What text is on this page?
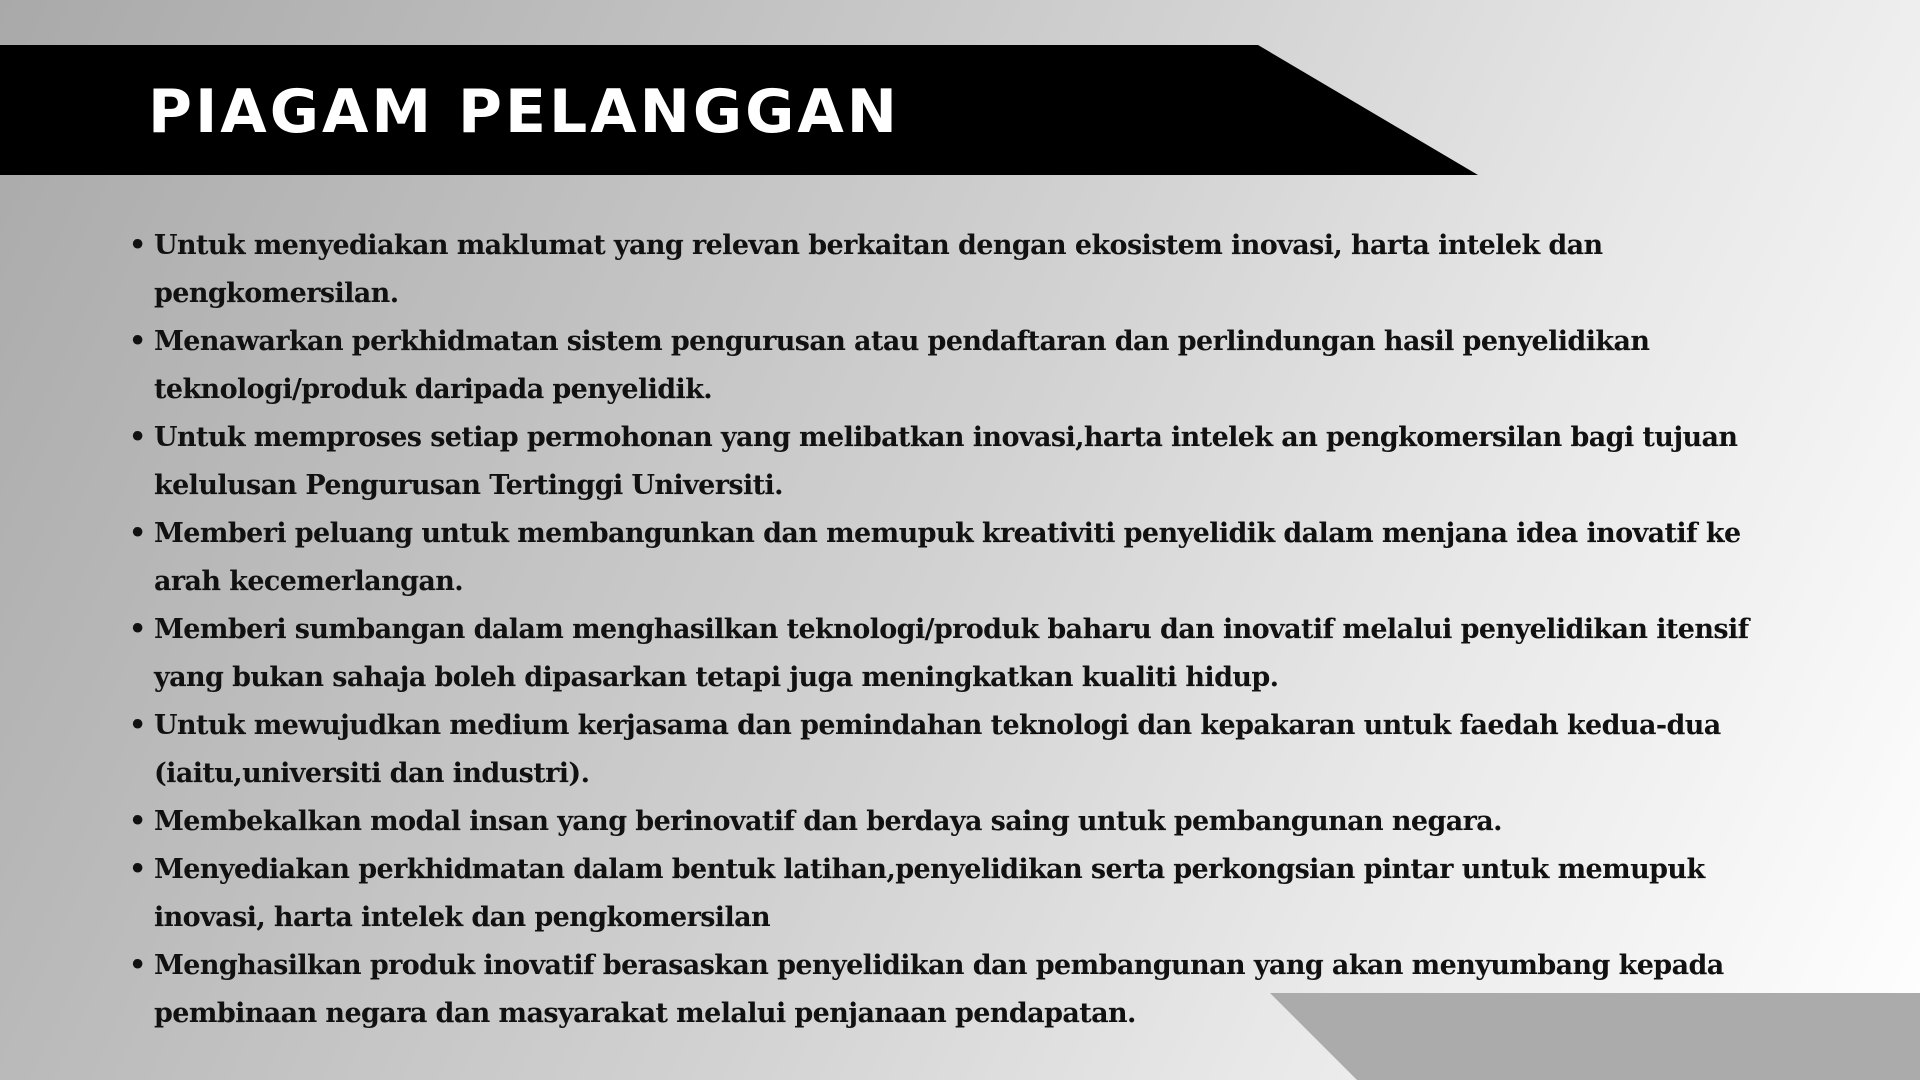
PIAGAM PELANGGAN
• Untuk menyediakan maklumat yang relevan berkaitan dengan ekosistem inovasi, harta intelek dan pengkomersilan.
• Menawarkan perkhidmatan sistem pengurusan atau pendaftaran dan perlindungan hasil penyelidikan teknologi/produk daripada penyelidik.
• Untuk memproses setiap permohonan yang melibatkan inovasi,harta intelek an pengkomersilan bagi tujuan kelulusan Pengurusan Tertinggi Universiti.
• Memberi peluang untuk membangunkan dan memupuk kreativiti penyelidik dalam menjana idea inovatif ke arah kecemerlangan.
• Memberi sumbangan dalam menghasilkan teknologi/produk baharu dan inovatif melalui penyelidikan itensif yang bukan sahaja boleh dipasarkan tetapi juga meningkatkan kualiti hidup.
• Untuk mewujudkan medium kerjasama dan pemindahan teknologi dan kepakaran untuk faedah kedua-dua (iaitu,universiti dan industri).
• Membekalkan modal insan yang berinovatif dan berdaya saing untuk pembangunan negara.
• Menyediakan perkhidmatan dalam bentuk latihan,penyelidikan serta perkongsian pintar untuk memupuk inovasi, harta intelek dan pengkomersilan
• Menghasilkan produk inovatif berasaskan penyelidikan dan pembangunan yang akan menyumbang kepada pembinaan negara dan masyarakat melalui penjanaan pendapatan.
